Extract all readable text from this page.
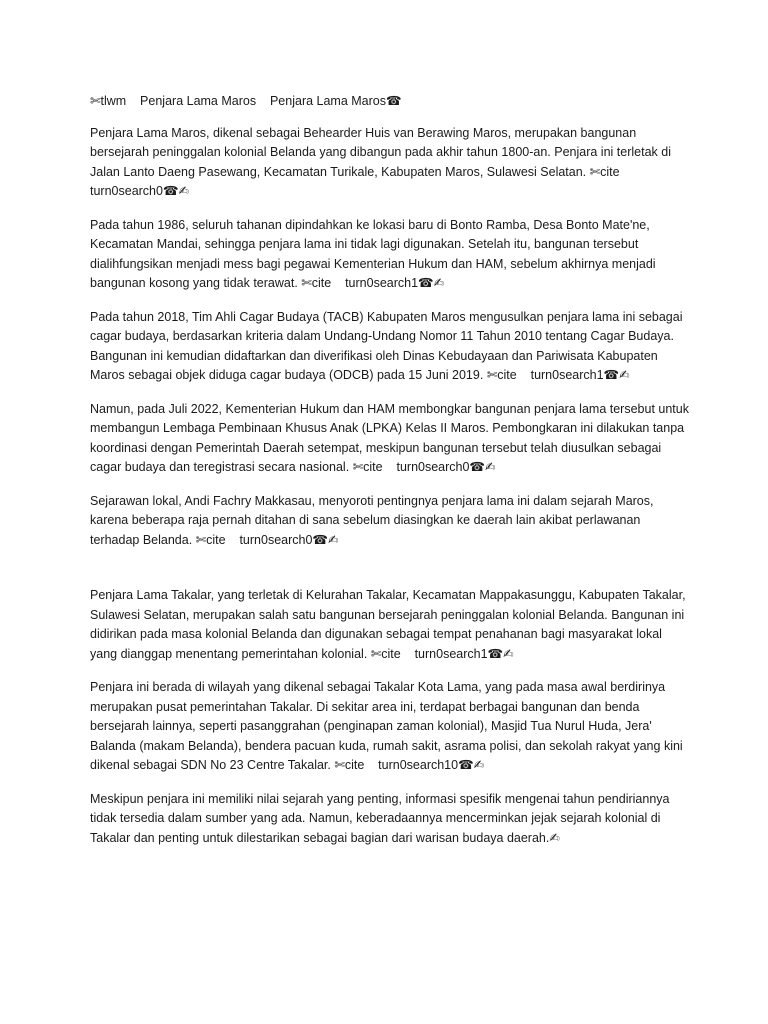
✄tlwm    Penjara Lama Maros    Penjara Lama Maros☎

Penjara Lama Maros, dikenal sebagai Behearder Huis van Berawing Maros, merupakan bangunan bersejarah peninggalan kolonial Belanda yang dibangun pada akhir tahun 1800-an. Penjara ini terletak di Jalan Lanto Daeng Pasewang, Kecamatan Turikale, Kabupaten Maros, Sulawesi Selatan. ✄cite    turn0search0☎✍

Pada tahun 1986, seluruh tahanan dipindahkan ke lokasi baru di Bonto Ramba, Desa Bonto Mate'ne, Kecamatan Mandai, sehingga penjara lama ini tidak lagi digunakan. Setelah itu, bangunan tersebut dialihfungsikan menjadi mess bagi pegawai Kementerian Hukum dan HAM, sebelum akhirnya menjadi bangunan kosong yang tidak terawat. ✄cite    turn0search1☎✍

Pada tahun 2018, Tim Ahli Cagar Budaya (TACB) Kabupaten Maros mengusulkan penjara lama ini sebagai cagar budaya, berdasarkan kriteria dalam Undang-Undang Nomor 11 Tahun 2010 tentang Cagar Budaya. Bangunan ini kemudian didaftarkan dan diverifikasi oleh Dinas Kebudayaan dan Pariwisata Kabupaten Maros sebagai objek diduga cagar budaya (ODCB) pada 15 Juni 2019. ✄cite    turn0search1☎✍

Namun, pada Juli 2022, Kementerian Hukum dan HAM membongkar bangunan penjara lama tersebut untuk membangun Lembaga Pembinaan Khusus Anak (LPKA) Kelas II Maros. Pembongkaran ini dilakukan tanpa koordinasi dengan Pemerintah Daerah setempat, meskipun bangunan tersebut telah diusulkan sebagai cagar budaya dan teregistrasi secara nasional. ✄cite    turn0search0☎✍

Sejarawan lokal, Andi Fachry Makkasau, menyoroti pentingnya penjara lama ini dalam sejarah Maros, karena beberapa raja pernah ditahan di sana sebelum diasingkan ke daerah lain akibat perlawanan terhadap Belanda. ✄cite    turn0search0☎✍

Penjara Lama Takalar, yang terletak di Kelurahan Takalar, Kecamatan Mappakasunggu, Kabupaten Takalar, Sulawesi Selatan, merupakan salah satu bangunan bersejarah peninggalan kolonial Belanda. Bangunan ini didirikan pada masa kolonial Belanda dan digunakan sebagai tempat penahanan bagi masyarakat lokal yang dianggap menentang pemerintahan kolonial. ✄cite    turn0search1☎✍

Penjara ini berada di wilayah yang dikenal sebagai Takalar Kota Lama, yang pada masa awal berdirinya merupakan pusat pemerintahan Takalar. Di sekitar area ini, terdapat berbagai bangunan dan benda bersejarah lainnya, seperti pasanggrahan (penginapan zaman kolonial), Masjid Tua Nurul Huda, Jera' Balanda (makam Belanda), bendera pacuan kuda, rumah sakit, asrama polisi, dan sekolah rakyat yang kini dikenal sebagai SDN No 23 Centre Takalar. ✄cite    turn0search10☎✍

Meskipun penjara ini memiliki nilai sejarah yang penting, informasi spesifik mengenai tahun pendiriannya tidak tersedia dalam sumber yang ada. Namun, keberadaannya mencerminkan jejak sejarah kolonial di Takalar dan penting untuk dilestarikan sebagai bagian dari warisan budaya daerah.✍
